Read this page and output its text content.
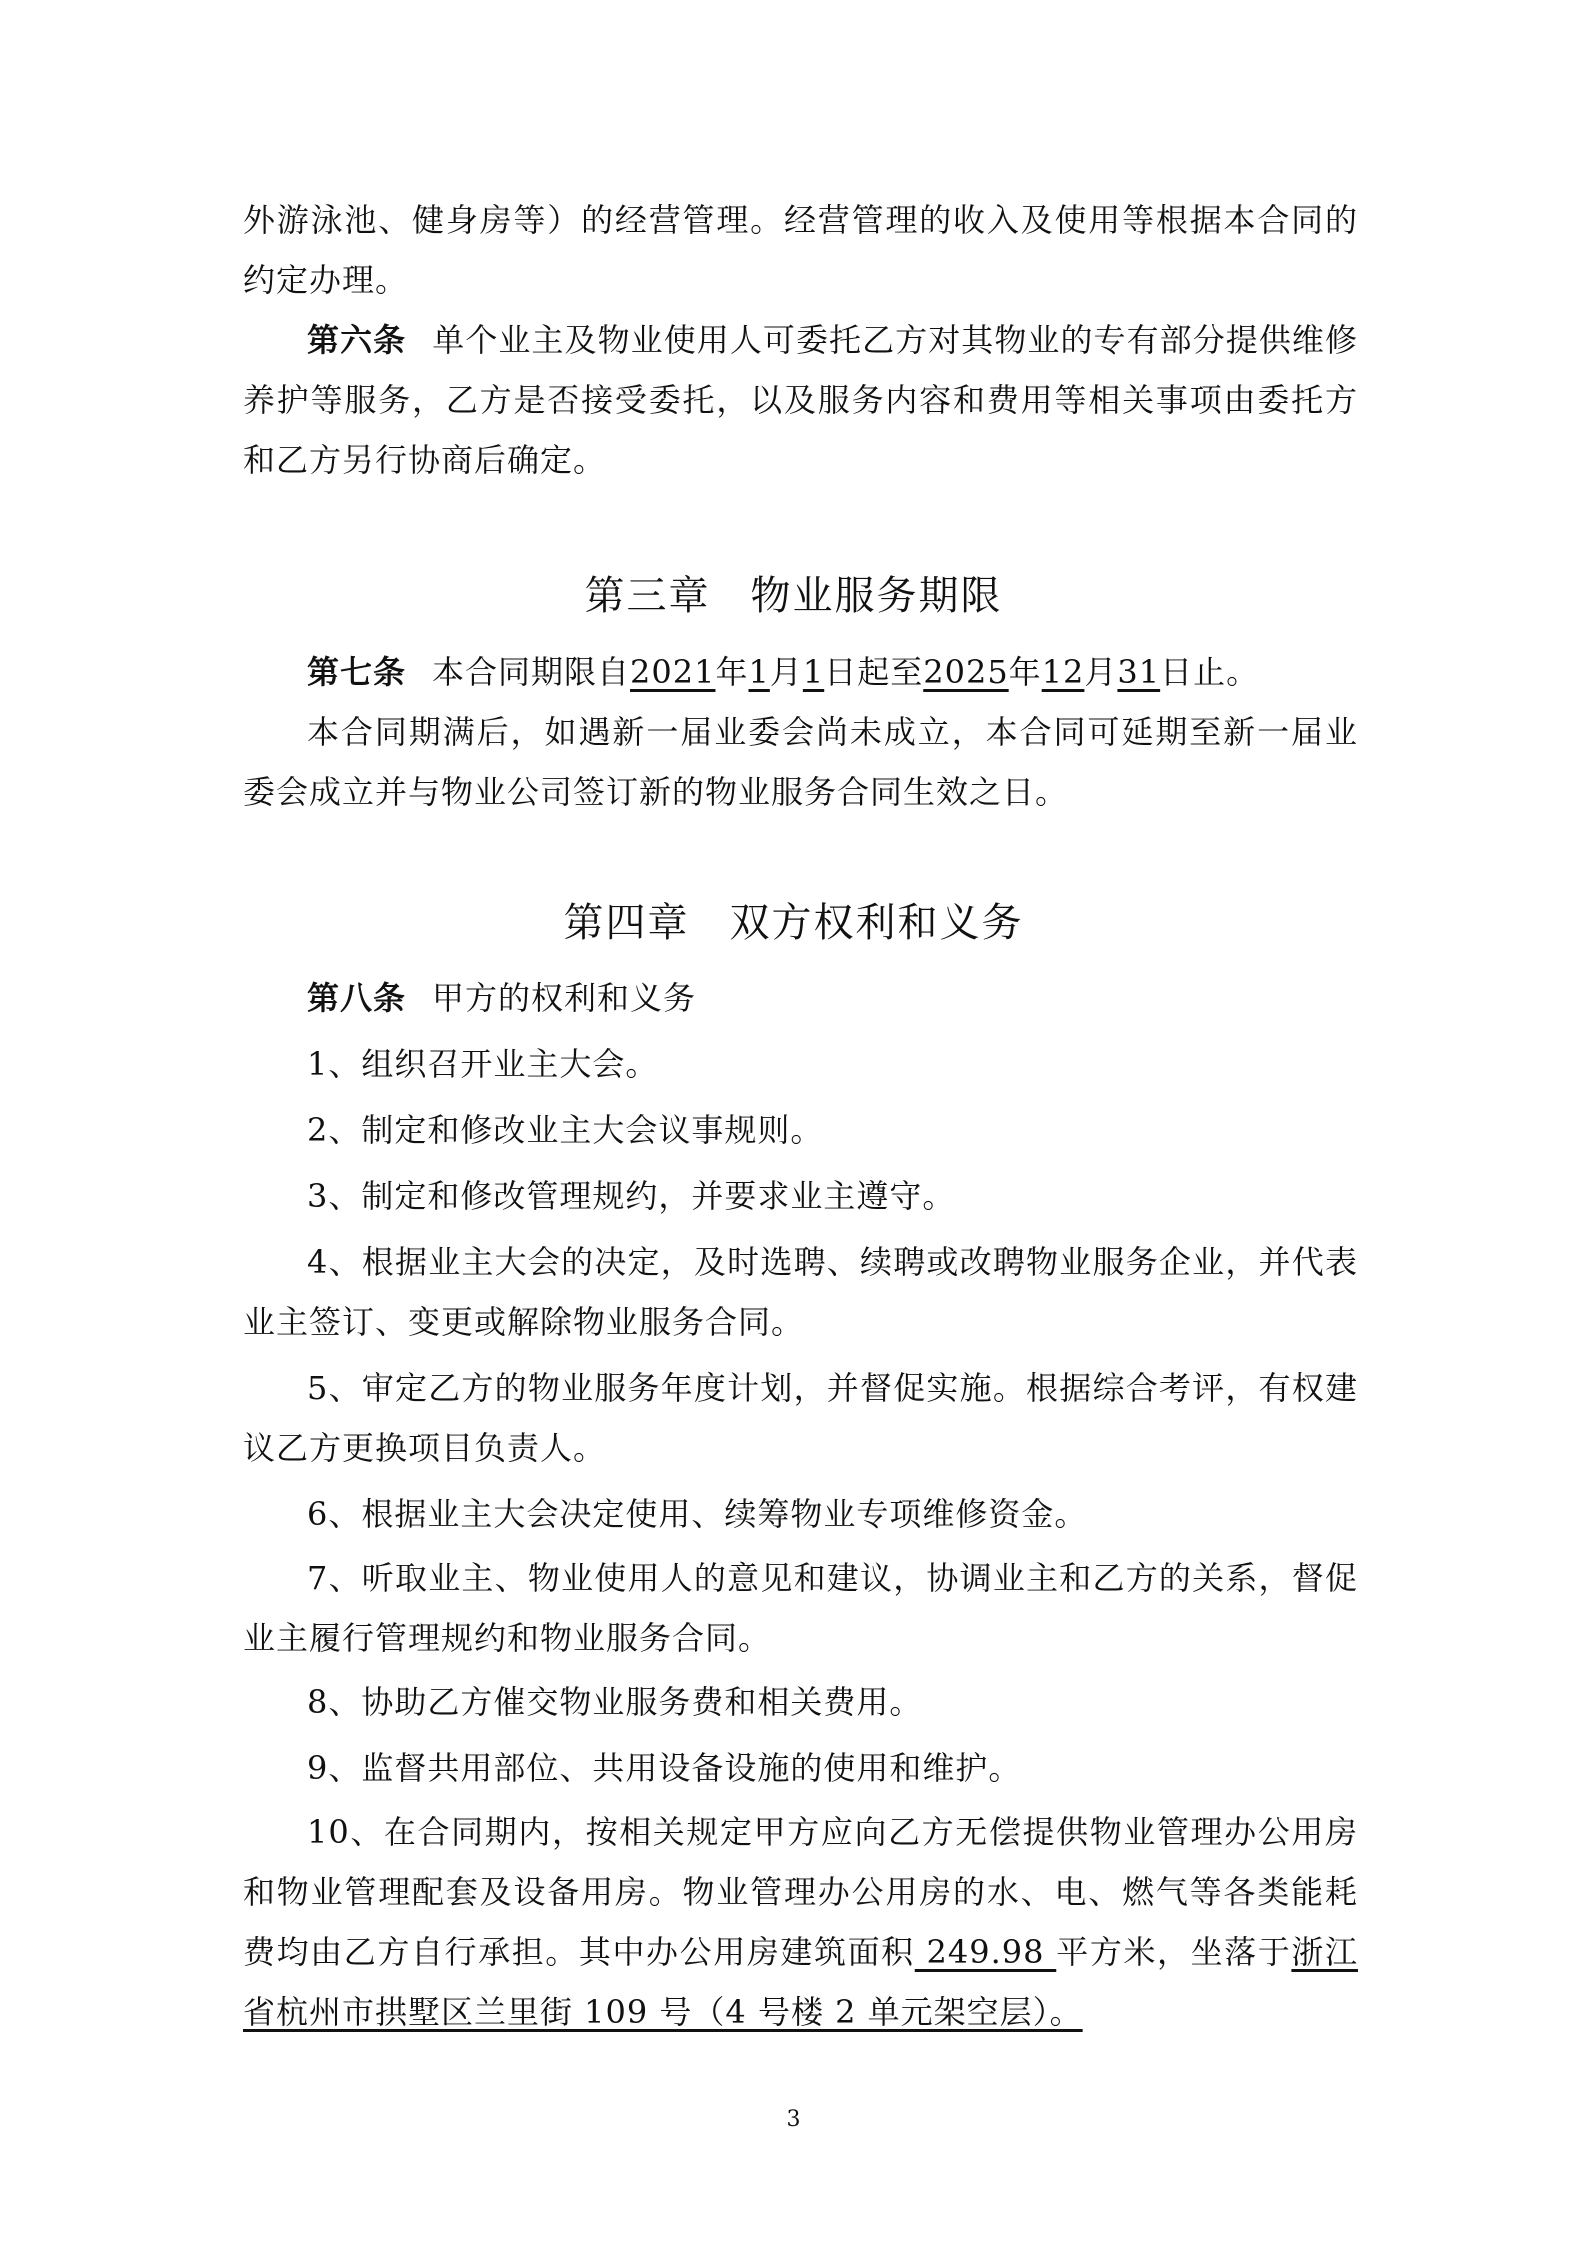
外游泳池、健身房等）的经营管理。经营管理的收入及使用等根据本合同的约定办理。

第六条 单个业主及物业使用人可委托乙方对其物业的专有部分提供维修养护等服务，乙方是否接受委托，以及服务内容和费用等相关事项由委托方和乙方另行协商后确定。

第三章 物业服务期限

第七条 本合同期限自2021年1月1日起至2025年12月31日止。

本合同期满后，如遇新一届业委会尚未成立，本合同可延期至新一届业委会成立并与物业公司签订新的物业服务合同生效之日。

第四章 双方权利和义务

第八条 甲方的权利和义务

1、组织召开业主大会。

2、制定和修改业主大会议事规则。

3、制定和修改管理规约，并要求业主遵守。

4、根据业主大会的决定，及时选聘、续聘或改聘物业服务企业，并代表业主签订、变更或解除物业服务合同。

5、审定乙方的物业服务年度计划，并督促实施。根据综合考评，有权建议乙方更换项目负责人。

6、根据业主大会决定使用、续筹物业专项维修资金。

7、听取业主、物业使用人的意见和建议，协调业主和乙方的关系，督促业主履行管理规约和物业服务合同。

8、协助乙方催交物业服务费和相关费用。

9、监督共用部位、共用设备设施的使用和维护。

10、在合同期内，按相关规定甲方应向乙方无偿提供物业管理办公用房和物业管理配套及设备用房。物业管理办公用房的水、电、燃气等各类能耗费均由乙方自行承担。其中办公用房建筑面积 249.98 平方米，坐落于浙江省杭州市拱墅区兰里街 109 号（4 号楼 2 单元架空层）。

3
